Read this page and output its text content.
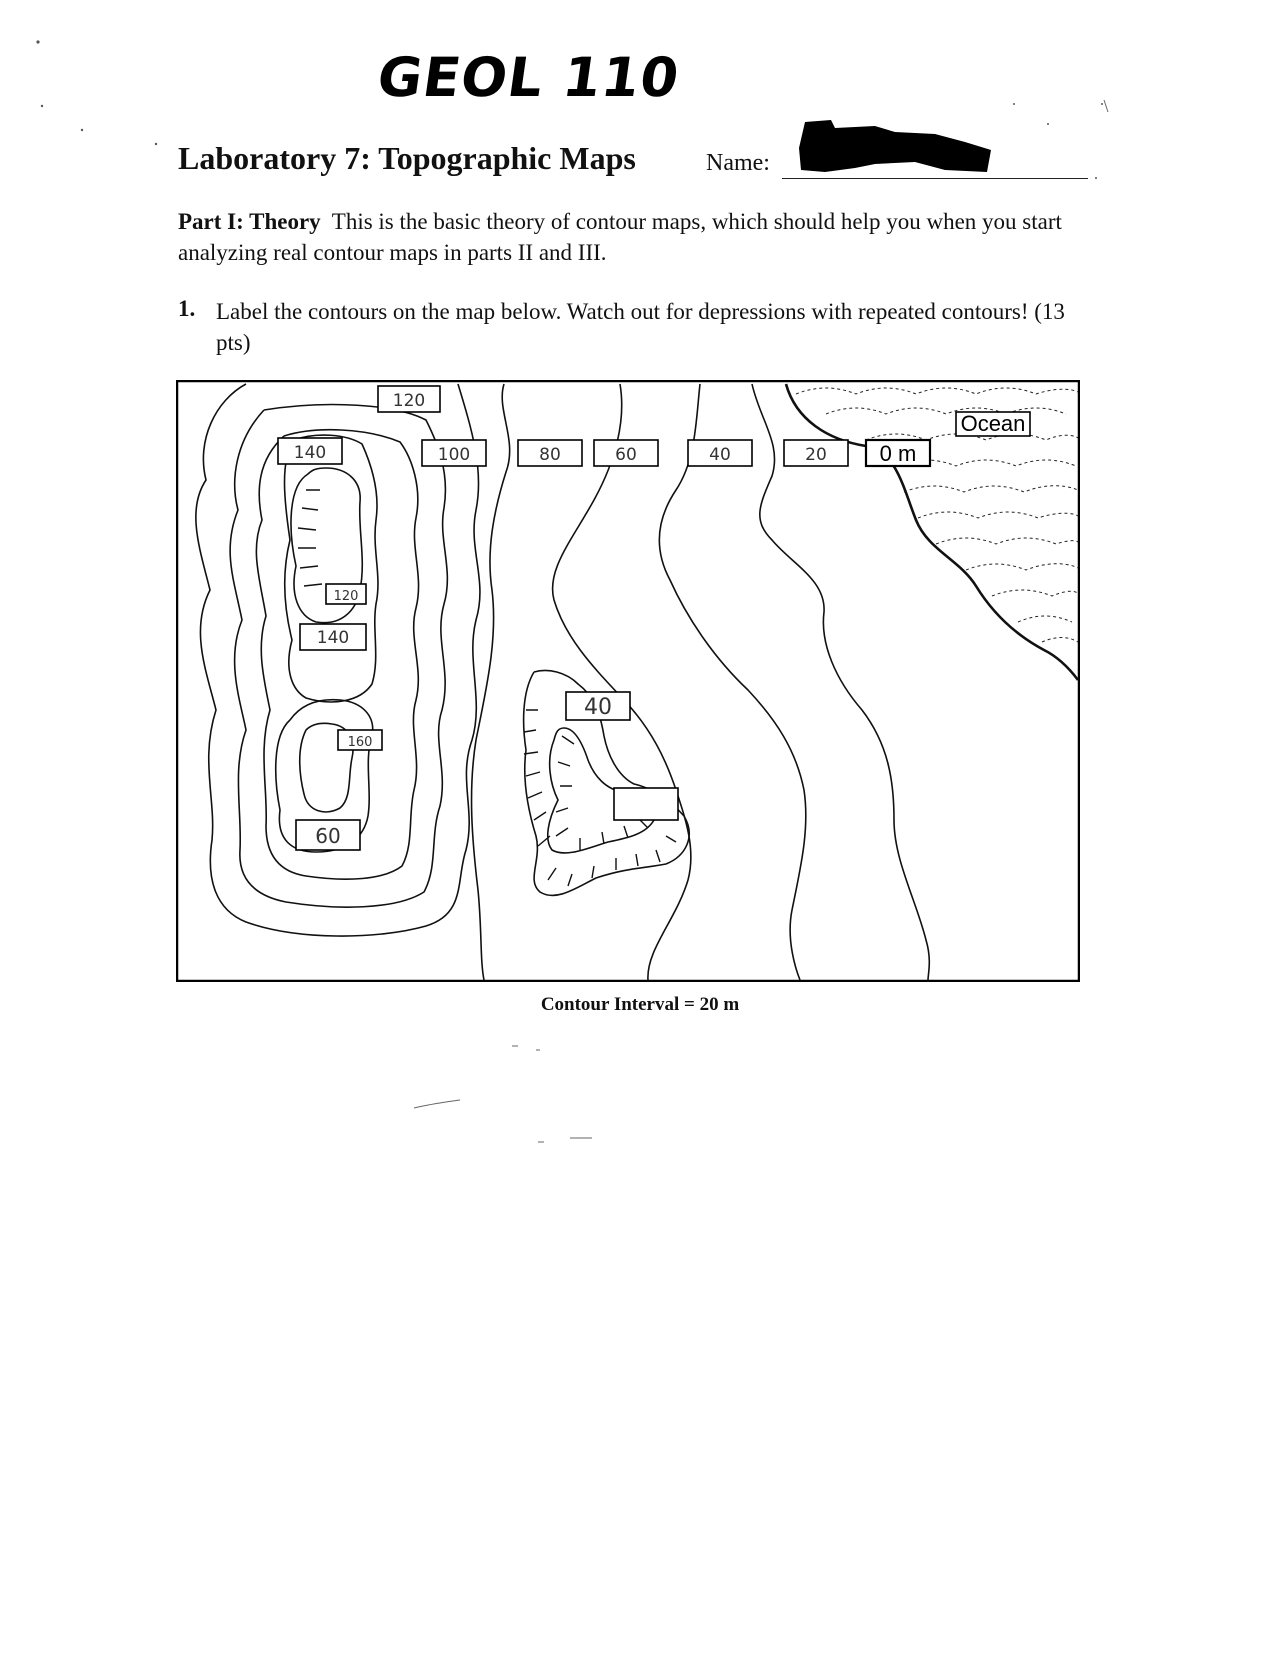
GEOL 110
Laboratory 7: Topographic Maps	Name:
Part I: Theory This is the basic theory of contour maps, which should help you when you start analyzing real contour maps in parts II and III.
1. Label the contours on the map below. Watch out for depressions with repeated contours! (13 pts)
Ocean
0 m
120
140	100	80	60	40	20
120
140
160
60
40
Contour Interval = 20 m
